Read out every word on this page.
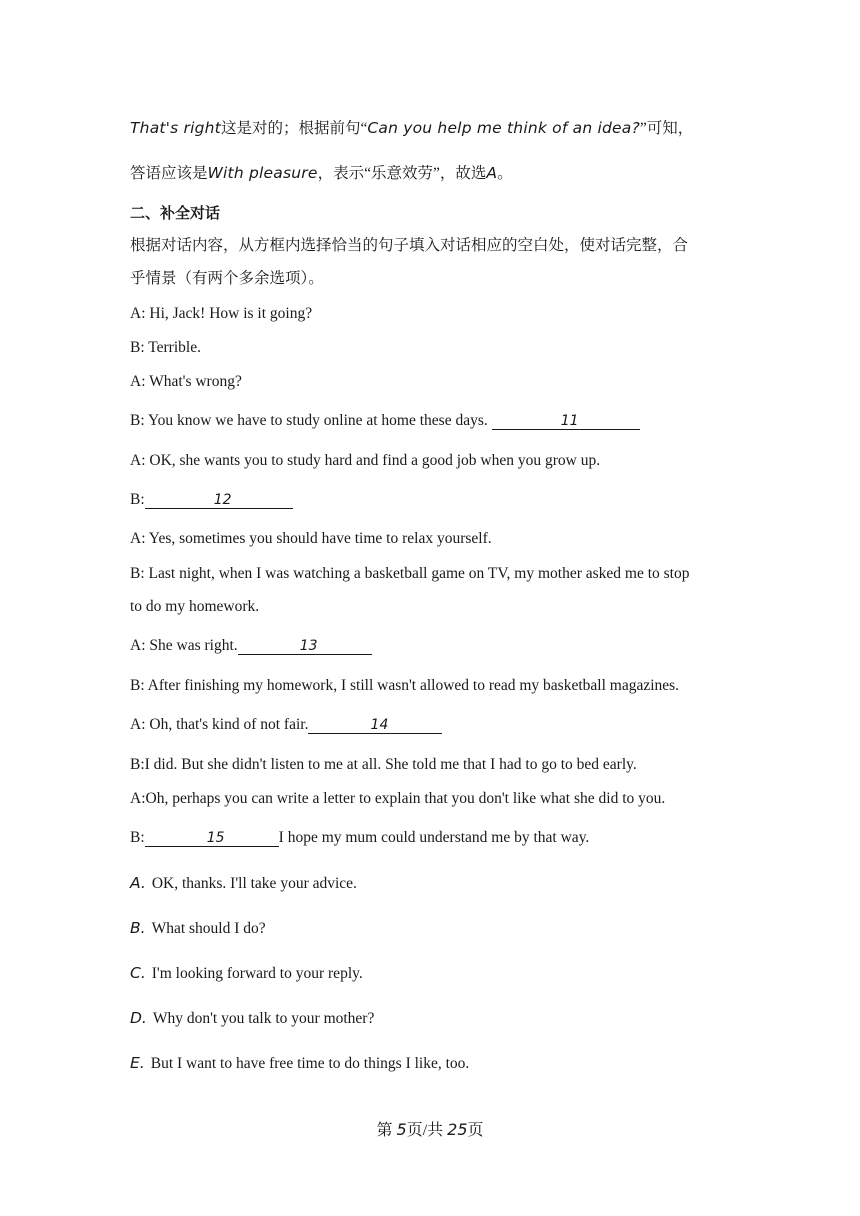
That's right这是对的；根据前句“Can you help me think of an idea?”可知，
答语应该是With pleasure，表示“乐意效劳”，故选A。
二、补全对话
根据对话内容，从方框内选择恰当的句子填入对话相应的空白处，使对话完整，合
乎情景（有两个多余选项）。
A: Hi, Jack! How is it going?
B: Terrible.
A: What's wrong?
B: You know we have to study online at home these days.	11
A: OK, she wants you to study hard and find a good job when you grow up.
B:	12
A: Yes, sometimes you should have time to relax yourself.
B: Last night, when I was watching a basketball game on TV, my mother asked me to stop
to do my homework.
A: She was right.	13
B: After finishing my homework, I still wasn't allowed to read my basketball magazines.
A: Oh, that's kind of not fair.	14
B:I did. But she didn't listen to me at all. She told me that I had to go to bed early.
A:Oh, perhaps you can write a letter to explain that you don't like what she did to you.
B:	15	I hope my mum could understand me by that way.
A. OK, thanks. I'll take your advice.
B. What should I do?
C. I'm looking forward to your reply.
D. Why don't you talk to your mother?
E. But I want to have free time to do things I like, too.
第 5页/共 25页
